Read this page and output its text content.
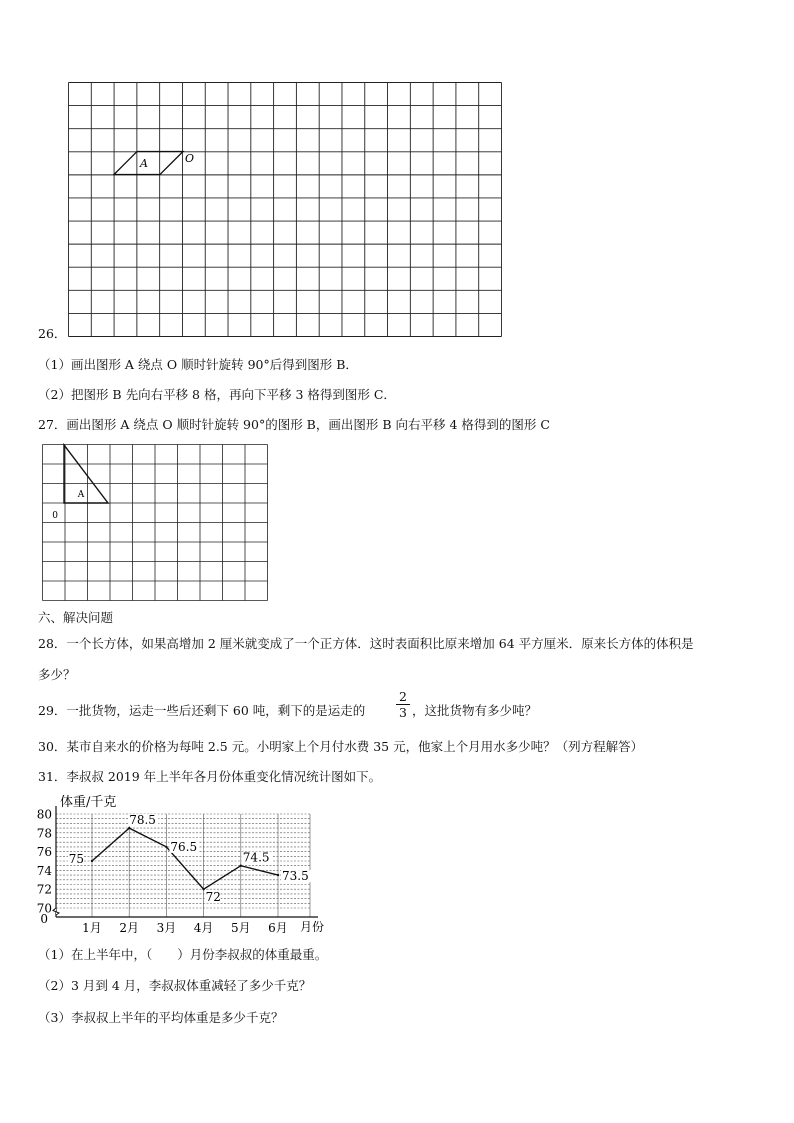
A	O
26．
（1）画出图形 A 绕点 O 顺时针旋转 90°后得到图形 B．
（2）把图形 B 先向右平移 8 格，再向下平移 3 格得到图形 C．
27．画出图形 A 绕点 O 顺时针旋转 90°的图形 B，画出图形 B 向右平移 4 格得到的图形 C
A
0
六、解决问题
28．一个长方体，如果高增加 2 厘米就变成了一个正方体．这时表面积比原来增加 64 平方厘米．原来长方体的体积是
多少？
29．一批货物，运走一些后还剩下 60 吨，剩下的是运走的
2
3 ，这批货物有多少吨？
30．某市自来水的价格为每吨 2.5 元。小明家上个月付水费 35 元，他家上个月用水多少吨？（列方程解答）
31．李叔叔 2019 年上半年各月份体重变化情况统计图如下。
70
72
74
76
78
80
1月 2月 3月 4月 5月 6月
75
78.5
76.5
72
74.5
73.5
体重/千克
月份
0
（1）在上半年中，（　　）月份李叔叔的体重最重。
（2）3 月到 4 月，李叔叔体重减轻了多少千克？
（3）李叔叔上半年的平均体重是多少千克？
